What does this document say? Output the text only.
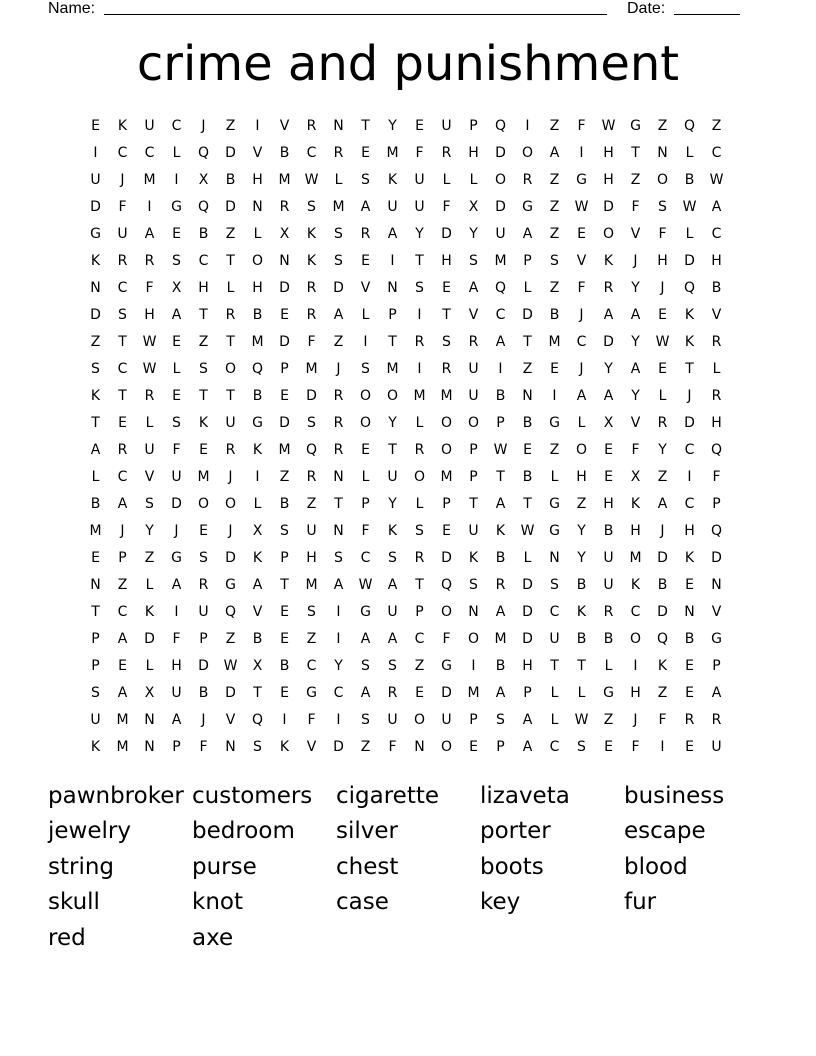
Name:	Date:
crime and punishment
E	K	U	C	J	Z	I	V	R	N	T	Y	E	U	P	Q	I	Z	F	W	G	Z	Q	Z
I	C	C	L	Q	D	V	B	C	R	E	M	F	R	H	D	O	A	I	H	T	N	L	C
U	J	M	I	X	B	H	M	W	L	S	K	U	L	L	O	R	Z	G	H	Z	O	B	W
D	F	I	G	Q	D	N	R	S	M	A	U	U	F	X	D	G	Z	W	D	F	S	W	A
G	U	A	E	B	Z	L	X	K	S	R	A	Y	D	Y	U	A	Z	E	O	V	F	L	C
K	R	R	S	C	T	O	N	K	S	E	I	T	H	S	M	P	S	V	K	J	H	D	H
N	C	F	X	H	L	H	D	R	D	V	N	S	E	A	Q	L	Z	F	R	Y	J	Q	B
D	S	H	A	T	R	B	E	R	A	L	P	I	T	V	C	D	B	J	A	A	E	K	V
Z	T	W	E	Z	T	M	D	F	Z	I	T	R	S	R	A	T	M	C	D	Y	W	K	R
S	C	W	L	S	O	Q	P	M	J	S	M	I	R	U	I	Z	E	J	Y	A	E	T	L
K	T	R	E	T	T	B	E	D	R	O	O	M	M	U	B	N	I	A	A	Y	L	J	R
T	E	L	S	K	U	G	D	S	R	O	Y	L	O	O	P	B	G	L	X	V	R	D	H
A	R	U	F	E	R	K	M	Q	R	E	T	R	O	P	W	E	Z	O	E	F	Y	C	Q
L	C	V	U	M	J	I	Z	R	N	L	U	O	M	P	T	B	L	H	E	X	Z	I	F
B	A	S	D	O	O	L	B	Z	T	P	Y	L	P	T	A	T	G	Z	H	K	A	C	P
M	J	Y	J	E	J	X	S	U	N	F	K	S	E	U	K	W	G	Y	B	H	J	H	Q
E	P	Z	G	S	D	K	P	H	S	C	S	R	D	K	B	L	N	Y	U	M	D	K	D
N	Z	L	A	R	G	A	T	M	A	W	A	T	Q	S	R	D	S	B	U	K	B	E	N
T	C	K	I	U	Q	V	E	S	I	G	U	P	O	N	A	D	C	K	R	C	D	N	V
P	A	D	F	P	Z	B	E	Z	I	A	A	C	F	O	M	D	U	B	B	O	Q	B	G
P	E	L	H	D	W	X	B	C	Y	S	S	Z	G	I	B	H	T	T	L	I	K	E	P
S	A	X	U	B	D	T	E	G	C	A	R	E	D	M	A	P	L	L	G	H	Z	E	A
U	M	N	A	J	V	Q	I	F	I	S	U	O	U	P	S	A	L	W	Z	J	F	R	R
K	M	N	P	F	N	S	K	V	D	Z	F	N	O	E	P	A	C	S	E	F	I	E	U
pawnbroker customers	cigarette	lizaveta	business
jewelry	bedroom	silver	porter	escape
string	purse	chest	boots	blood
skull	knot	case	key	fur
red	axe
